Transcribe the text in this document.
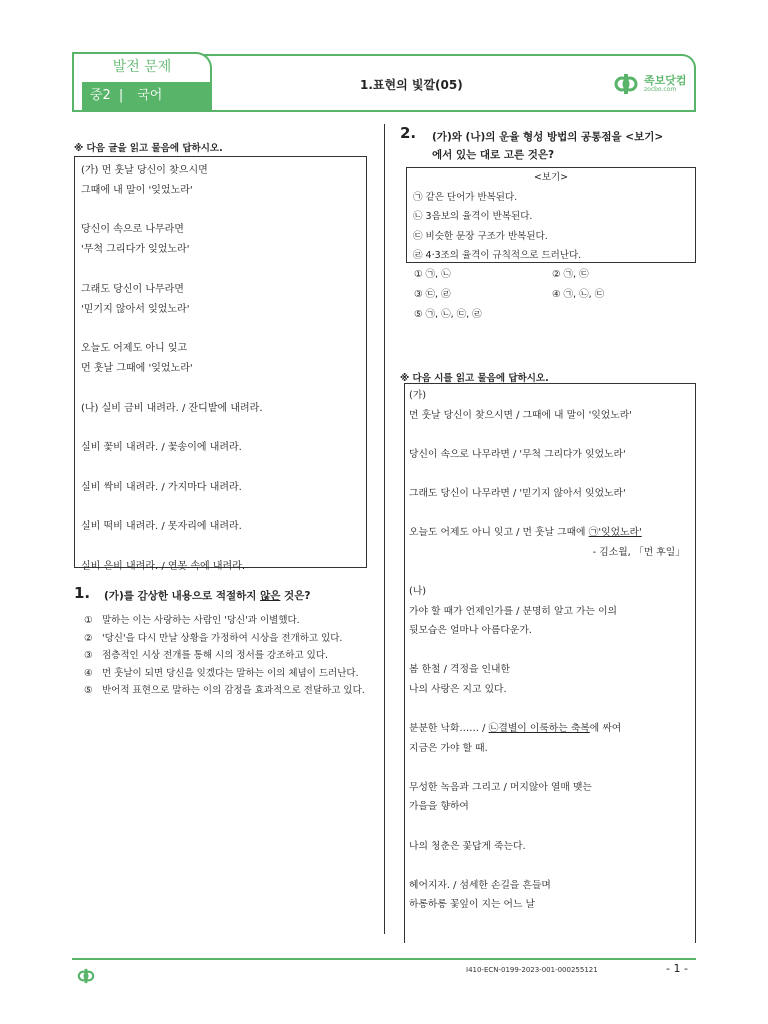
발전 문제
중2 | 국어
1.표현의 빛깔(05)	족보닷컴
zocbo.com
※ 다음 글을 읽고 물음에 답하시오.
(가) 먼 훗날 당신이 찾으시면
그때에 내 말이 '잊었노라'
당신이 속으로 나무라면
'무척 그리다가 잊었노라'
그래도 당신이 나무라면
'믿기지 않아서 잊었노라'
오늘도 어제도 아니 잊고
먼 훗날 그때에 '잊었노라'
(나) 실비 금비 내려라. / 잔디밭에 내려라.
실비 꽃비 내려라. / 꽃송이에 내려라.
실비 싹비 내려라. / 가지마다 내려라.
실비 떡비 내려라. / 못자리에 내려라.
실비 은비 내려라. / 연못 속에 내려라.
1. (가)를 감상한 내용으로 적절하지 않은 것은?
① 말하는 이는 사랑하는 사람인 '당신'과 이별했다.
② '당신'을 다시 만날 상황을 가정하여 시상을 전개하고 있다.
③ 점층적인 시상 전개를 통해 시의 정서를 강조하고 있다.
④ 먼 훗날이 되면 당신을 잊겠다는 말하는 이의 체념이 드러난다.
⑤ 반어적 표현으로 말하는 이의 감정을 효과적으로 전달하고 있다.
2. (가)와 (나)의 운율 형성 방법의 공통점을 <보기>
에서 있는 대로 고른 것은?
<보기>
㉠ 같은 단어가 반복된다.
㉡ 3음보의 율격이 반복된다.
㉢ 비슷한 문장 구조가 반복된다.
㉣ 4·3조의 율격이 규칙적으로 드러난다.
① ㉠, ㉡	② ㉠, ㉢
③ ㉢, ㉣	④ ㉠, ㉡, ㉢
⑤ ㉠, ㉡, ㉢, ㉣
※ 다음 시를 읽고 물음에 답하시오.
(가)
먼 훗날 당신이 찾으시면 / 그때에 내 말이 '잊었노라'
당신이 속으로 나무라면 / '무척 그리다가 잊었노라'
그래도 당신이 나무라면 / '믿기지 않아서 잊었노라'
오늘도 어제도 아니 잊고 / 먼 훗날 그때에 ㉠'잊었노라'
- 김소월, 「먼 후일」
(나)
가야 할 때가 언제인가를 / 분명히 알고 가는 이의
뒷모습은 얼마나 아름다운가.
봄 한철 / 격정을 인내한
나의 사랑은 지고 있다.
분분한 낙화…… / ㉡결별이 이룩하는 축복에 싸여
지금은 가야 할 때.
무성한 녹음과 그리고 / 머지않아 열매 맺는
가을을 향하여
나의 청춘은 꽃답게 죽는다.
헤어지자. / 섬세한 손길을 흔들며
하롱하롱 꽃잎이 지는 어느 날
I410-ECN-0199-2023-001-000255121	- 1 -
